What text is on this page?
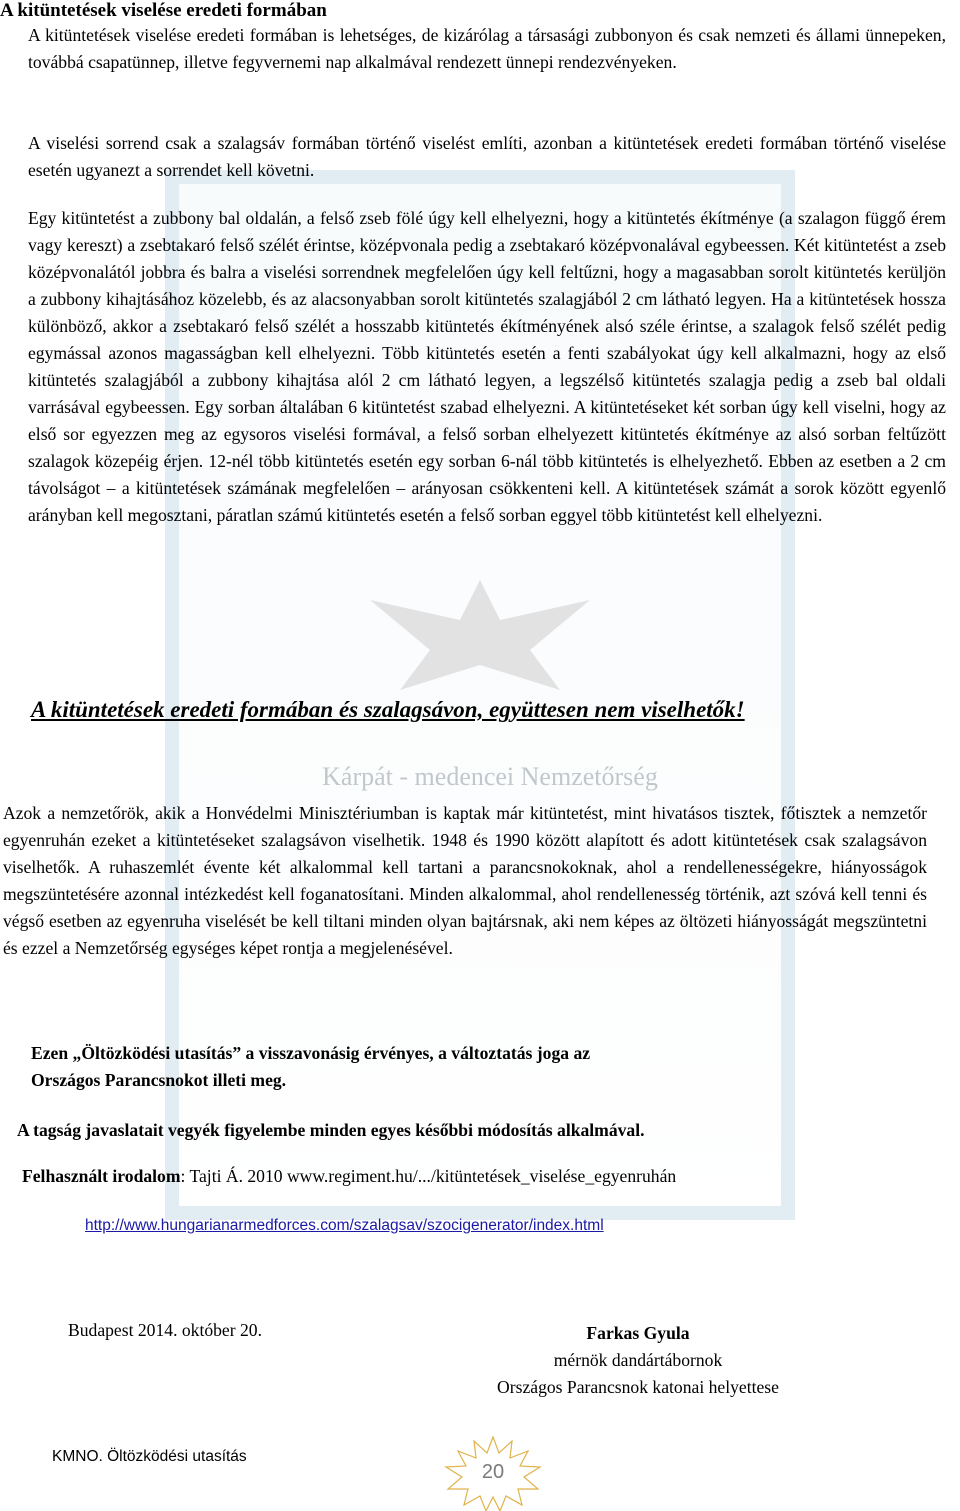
Kárpát - medencei Nemzetőrség
A kitüntetések viselése eredeti formában

A kitüntetések viselése eredeti formában is lehetséges, de kizárólag a társasági zubbonyon és csak nemzeti és állami ünnepeken, továbbá csapatünnep, illetve fegyvernemi nap alkalmával rendezett ünnepi rendezvényeken.

A viselési sorrend csak a szalagsáv formában történő viselést említi, azonban a kitüntetések eredeti formában történő viselése esetén ugyanezt a sorrendet kell követni.

Egy kitüntetést a zubbony bal oldalán, a felső zseb fölé úgy kell elhelyezni, hogy a kitüntetés ékítménye (a szalagon függő érem vagy kereszt) a zsebtakaró felső szélét érintse, középvonala pedig a zsebtakaró középvonalával egybeessen. Két kitüntetést a zseb középvonalától jobbra és balra a viselési sorrendnek megfelelően úgy kell feltűzni, hogy a magasabban sorolt kitüntetés kerüljön a zubbony kihajtásához közelebb, és az alacsonyabban sorolt kitüntetés szalagjából 2 cm látható legyen. Ha a kitüntetések hossza különböző, akkor a zsebtakaró felső szélét a hosszabb kitüntetés ékítményének alsó széle érintse, a szalagok felső szélét pedig egymással azonos magasságban kell elhelyezni. Több kitüntetés esetén a fenti szabályokat úgy kell alkalmazni, hogy az első kitüntetés szalagjából a zubbony kihajtása alól 2 cm látható legyen, a legszélső kitüntetés szalagja pedig a zseb bal oldali varrásával egybeessen. Egy sorban általában 6 kitüntetést szabad elhelyezni. A kitüntetéseket két sorban úgy kell viselni, hogy az első sor egyezzen meg az egysoros viselési formával, a felső sorban elhelyezett kitüntetés ékítménye az alsó sorban feltűzött szalagok közepéig érjen. 12-nél több kitüntetés esetén egy sorban 6-nál több kitüntetés is elhelyezhető. Ebben az esetben a 2 cm távolságot – a kitüntetések számának megfelelően – arányosan csökkenteni kell. A kitüntetések számát a sorok között egyenlő arányban kell megosztani, páratlan számú kitüntetés esetén a felső sorban eggyel több kitüntetést kell elhelyezni.

A kitüntetések eredeti formában és szalagsávon, együttesen nem viselhetők!

Azok a nemzetőrök, akik a Honvédelmi Minisztériumban is kaptak már kitüntetést, mint hivatásos tisztek, főtisztek a nemzetőr egyenruhán ezeket a kitüntetéseket szalagsávon viselhetik. 1948 és 1990 között alapított és adott kitüntetések csak szalagsávon viselhetők. A ruhaszemlét évente két alkalommal kell tartani a parancsnokoknak, ahol a rendellenességekre, hiányosságok megszüntetésére azonnal intézkedést kell foganatosítani. Minden alkalommal, ahol rendellenesség történik, azt szóvá kell tenni és végső esetben az egyenruha viselését be kell tiltani minden olyan bajtársnak, aki nem képes az öltözeti hiányosságát megszüntetni és ezzel a Nemzetőrség egységes képet rontja a megjelenésével.

Ezen „Öltözködési utasítás” a visszavonásig érvényes, a változtatás joga az

Országos Parancsnokot illeti meg.

A tagság javaslatait vegyék figyelembe minden egyes későbbi módosítás alkalmával.

Felhasznált irodalom: Tajti Á. 2010 www.regiment.hu/.../kitüntetések_viselése_egyenruhán

http://www.hungarianarmedforces.com/szalagsav/szocigenerator/index.html

Budapest 2014. október 20.	Farkas Gyula
mérnök dandártábornok
Országos Parancsnok katonai helyettese

KMNO. Öltözködési utasítás

20
